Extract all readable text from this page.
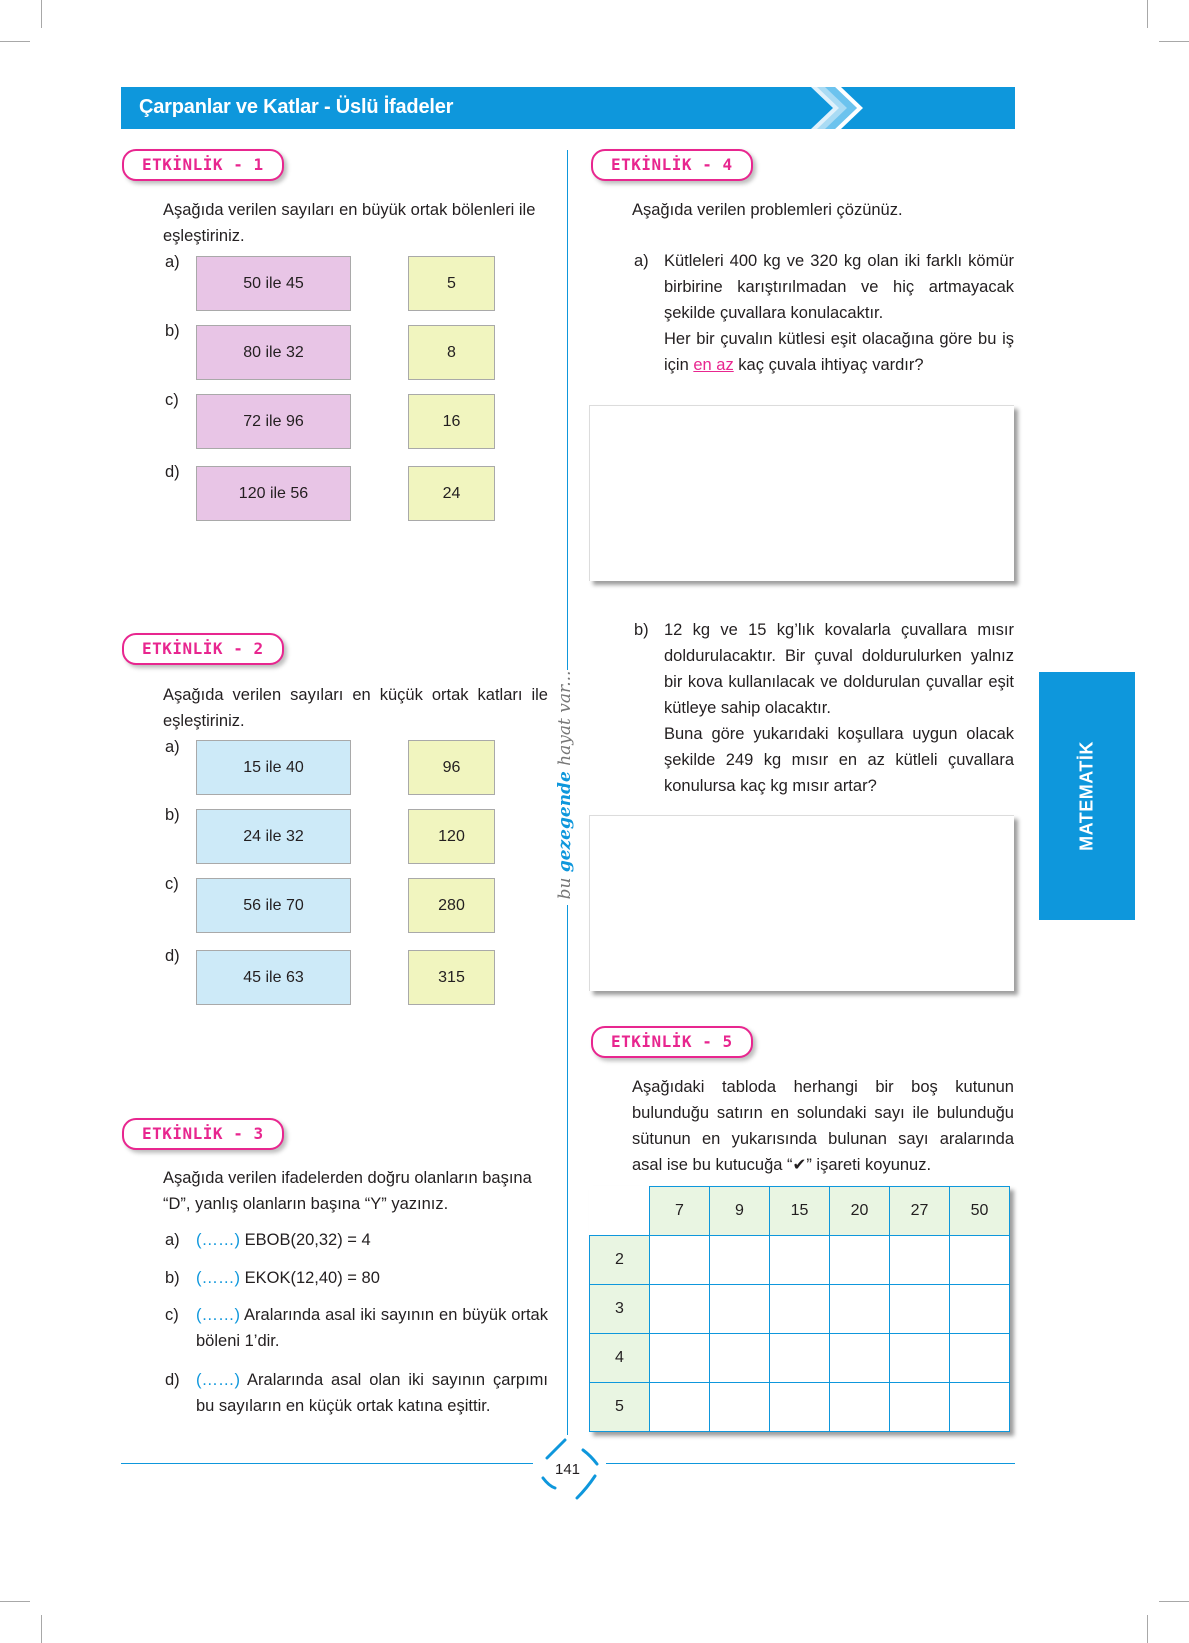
Çarpanlar ve Katlar - Üslü İfadeler
bu gezegende hayat var...
ETKİNLİK - 1
Aşağıda verilen sayıları en büyük ortak bölenleri ile eşleştiriniz.
a)
50 ile 45	5
b)
80 ile 32	8
c)
72 ile 96	16
d)
120 ile 56	24
ETKİNLİK - 2
Aşağıda verilen sayıları en küçük ortak katları ile eşleştiriniz.
a)
15 ile 40	96
b)
24 ile 32	120
c)
56 ile 70	280
d)
45 ile 63	315
ETKİNLİK - 3
Aşağıda verilen ifadelerden doğru olanların başına “D”, yanlış olanların başına “Y” yazınız.
a) (……) EBOB(20,32) = 4
b) (……) EKOK(12,40) = 80
c) (……) Aralarında asal iki sayının en büyük ortak böleni 1’dir.
d) (……) Aralarında asal olan iki sayının çarpımı bu sayıların en küçük ortak katına eşittir.
ETKİNLİK - 4
Aşağıda verilen problemleri çözünüz.
a) Kütleleri 400 kg ve 320 kg olan iki farklı kömür birbirine karıştırılmadan ve hiç artmayacak şekilde çuvallara konulacaktır.
Her bir çuvalın kütlesi eşit olacağına göre bu iş için en az kaç çuvala ihtiyaç vardır?
b) 12 kg ve 15 kg’lık kovalarla çuvallara mısır doldurulacaktır. Bir çuval doldurulurken yalnız bir kova kullanılacak ve doldurulan çuvallar eşit kütleye sahip olacaktır.
Buna göre yukarıdaki koşullara uygun olacak şekilde 249 kg mısır en az kütleli çuvallara konulursa kaç kg mısır artar?
ETKİNLİK - 5
Aşağıdaki tabloda herhangi bir boş kutunun bulunduğu satırın en solundaki sayı ile bulunduğu sütunun en yukarısında bulunan sayı aralarında asal ise bu kutucuğa “✔” işareti koyunuz.
	7	9	15	20	27	50
2						
3						
4						
5						
MATEMATİK
141
